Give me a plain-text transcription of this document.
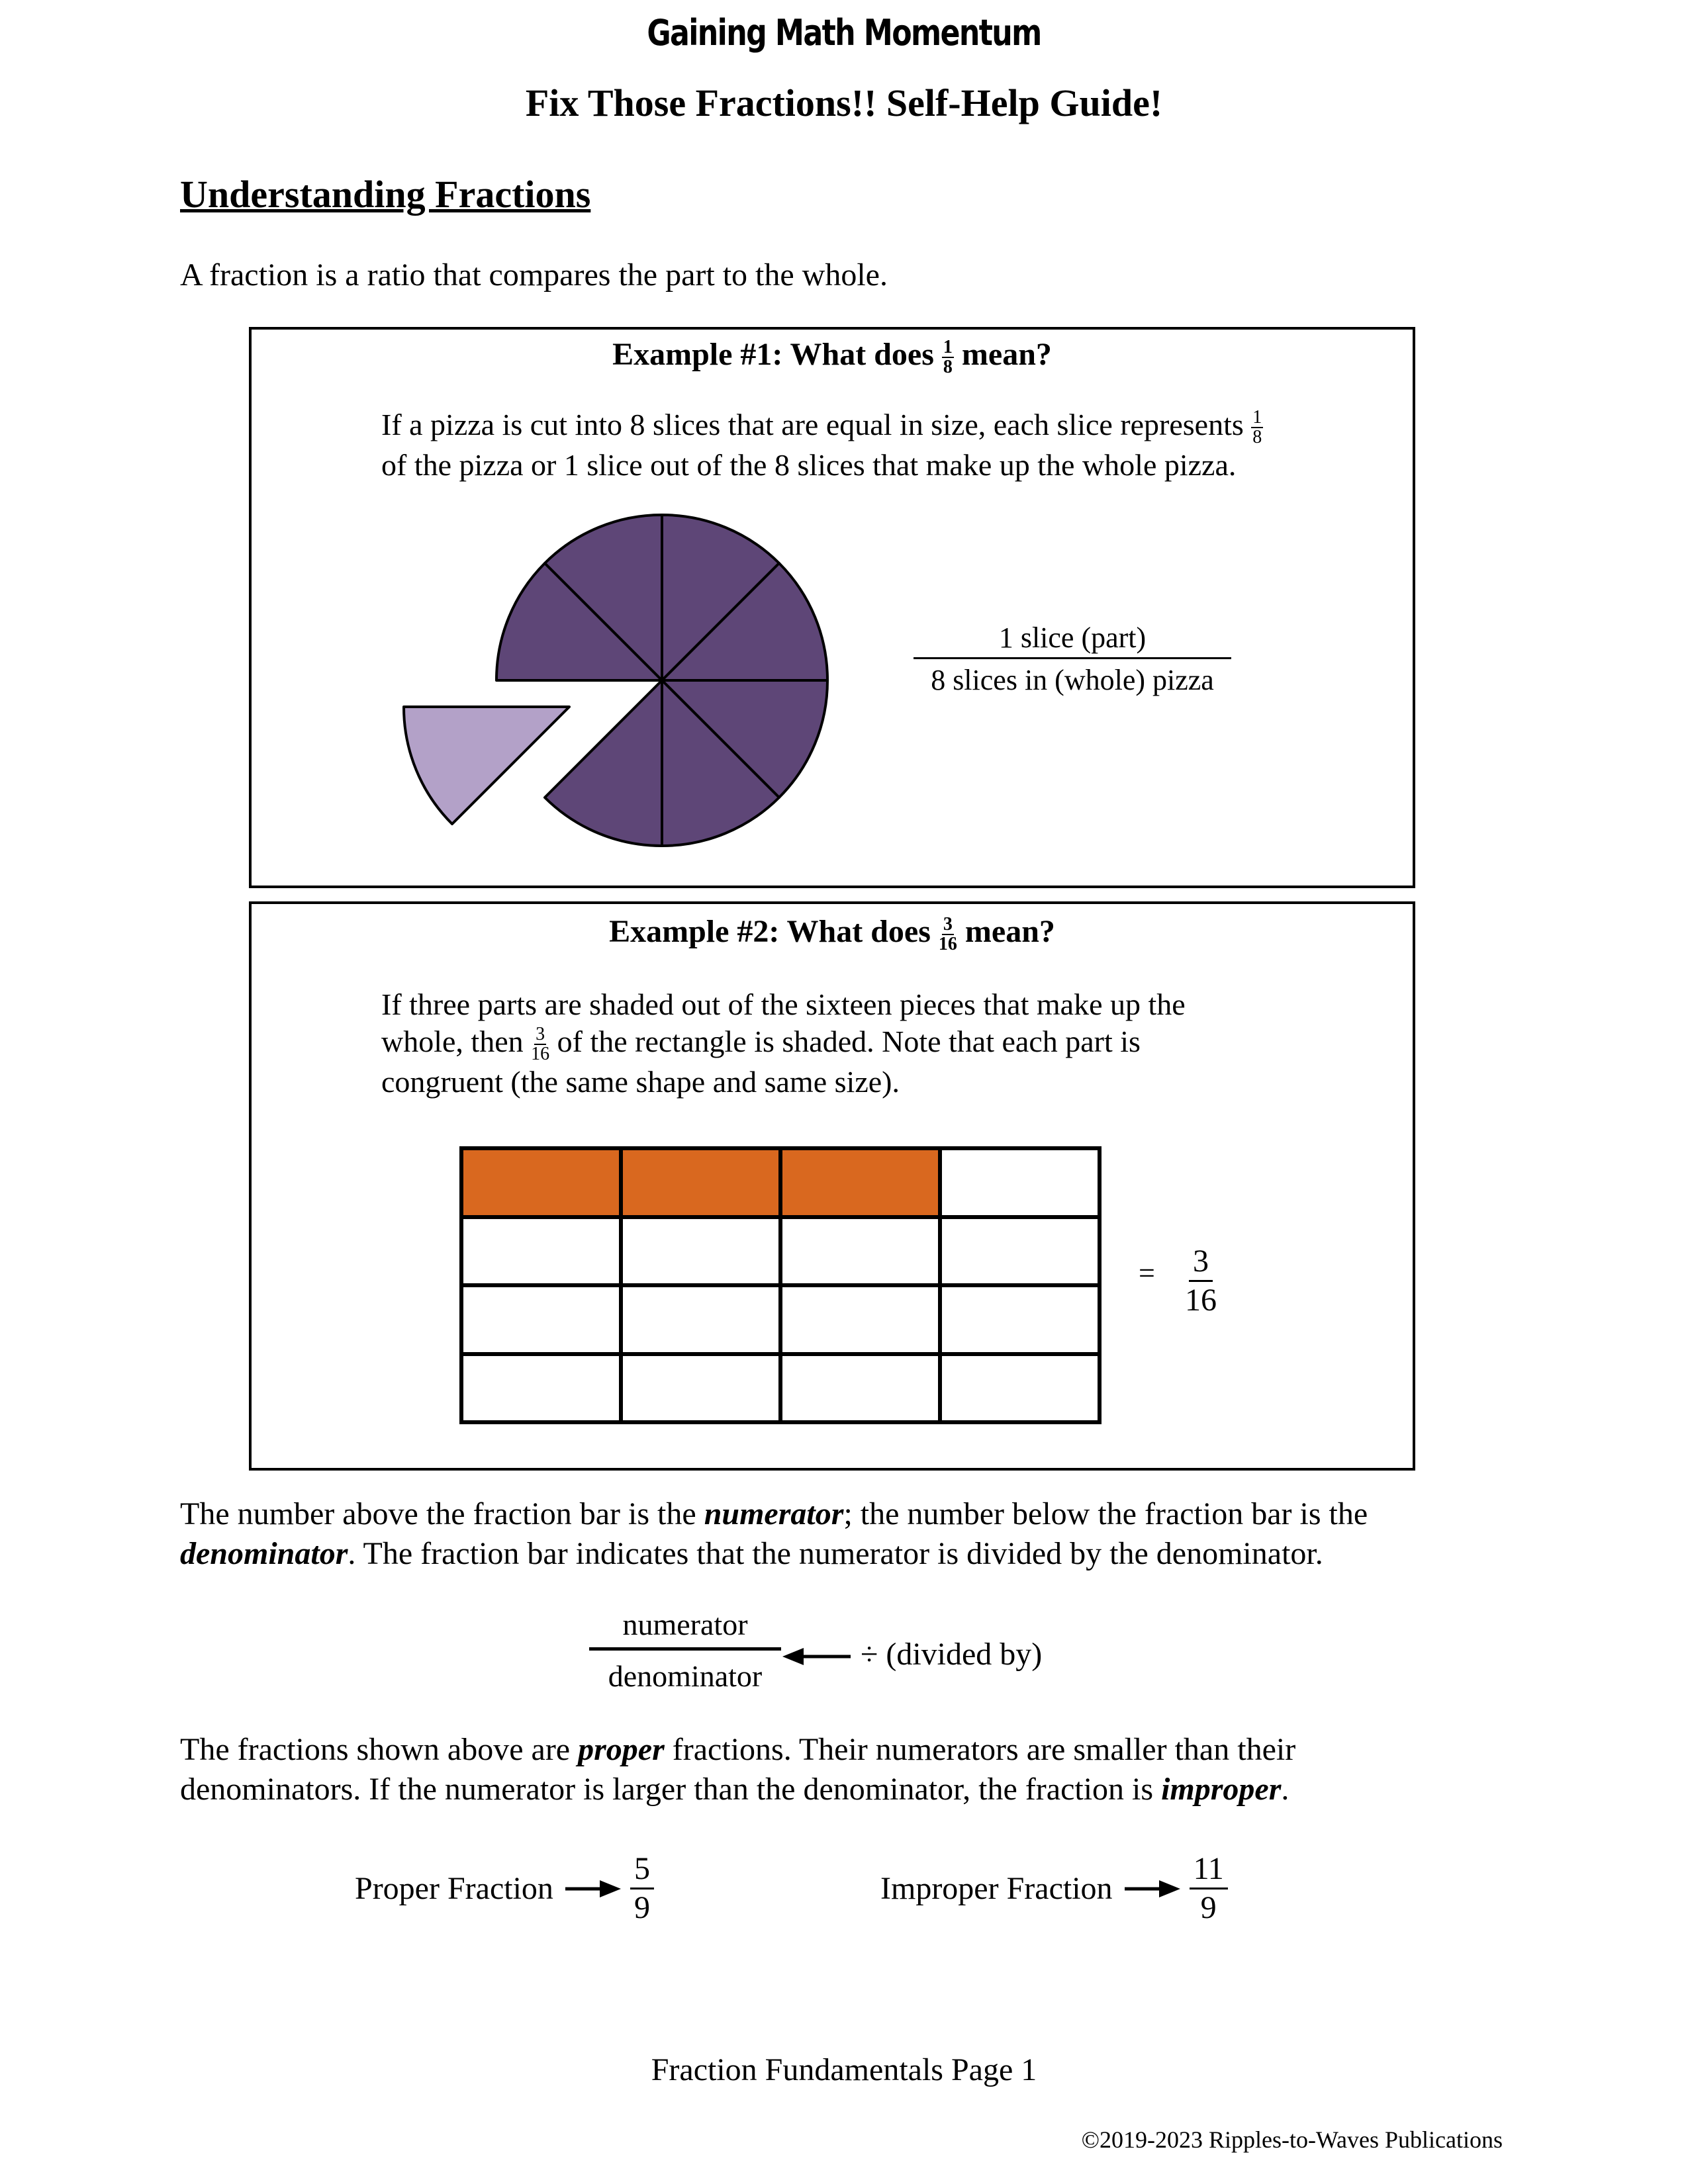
Gaining Math Momentum
Fix Those Fractions!! Self-Help Guide!
Understanding Fractions
A fraction is a ratio that compares the part to the whole.
Example #1: What does $\frac{1}{8}$ mean?
If a pizza is cut into 8 slices that are equal in size, each slice represents $\frac{1}{8}$
of the pizza or 1 slice out of the 8 slices that make up the whole pizza.
1 slice (part)
8 slices in (whole) pizza
Example #2: What does $\frac{3}{16}$ mean?
If three parts are shaded out of the sixteen pieces that make up the
whole, then $\frac{3}{16}$ of the rectangle is shaded. Note that each part is
congruent (the same shape and same size).
= $\frac{3}{16}$
The number above the fraction bar is the numerator; the number below the fraction bar is the
denominator. The fraction bar indicates that the numerator is divided by the denominator.
numerator
denominator
÷ (divided by)
The fractions shown above are proper fractions. Their numerators are smaller than their
denominators. If the numerator is larger than the denominator, the fraction is improper.
Proper Fraction $\frac{5}{9}$	Improper Fraction $\frac{11}{9}$
Fraction Fundamentals Page 1
©2019-2023 Ripples-to-Waves Publications
